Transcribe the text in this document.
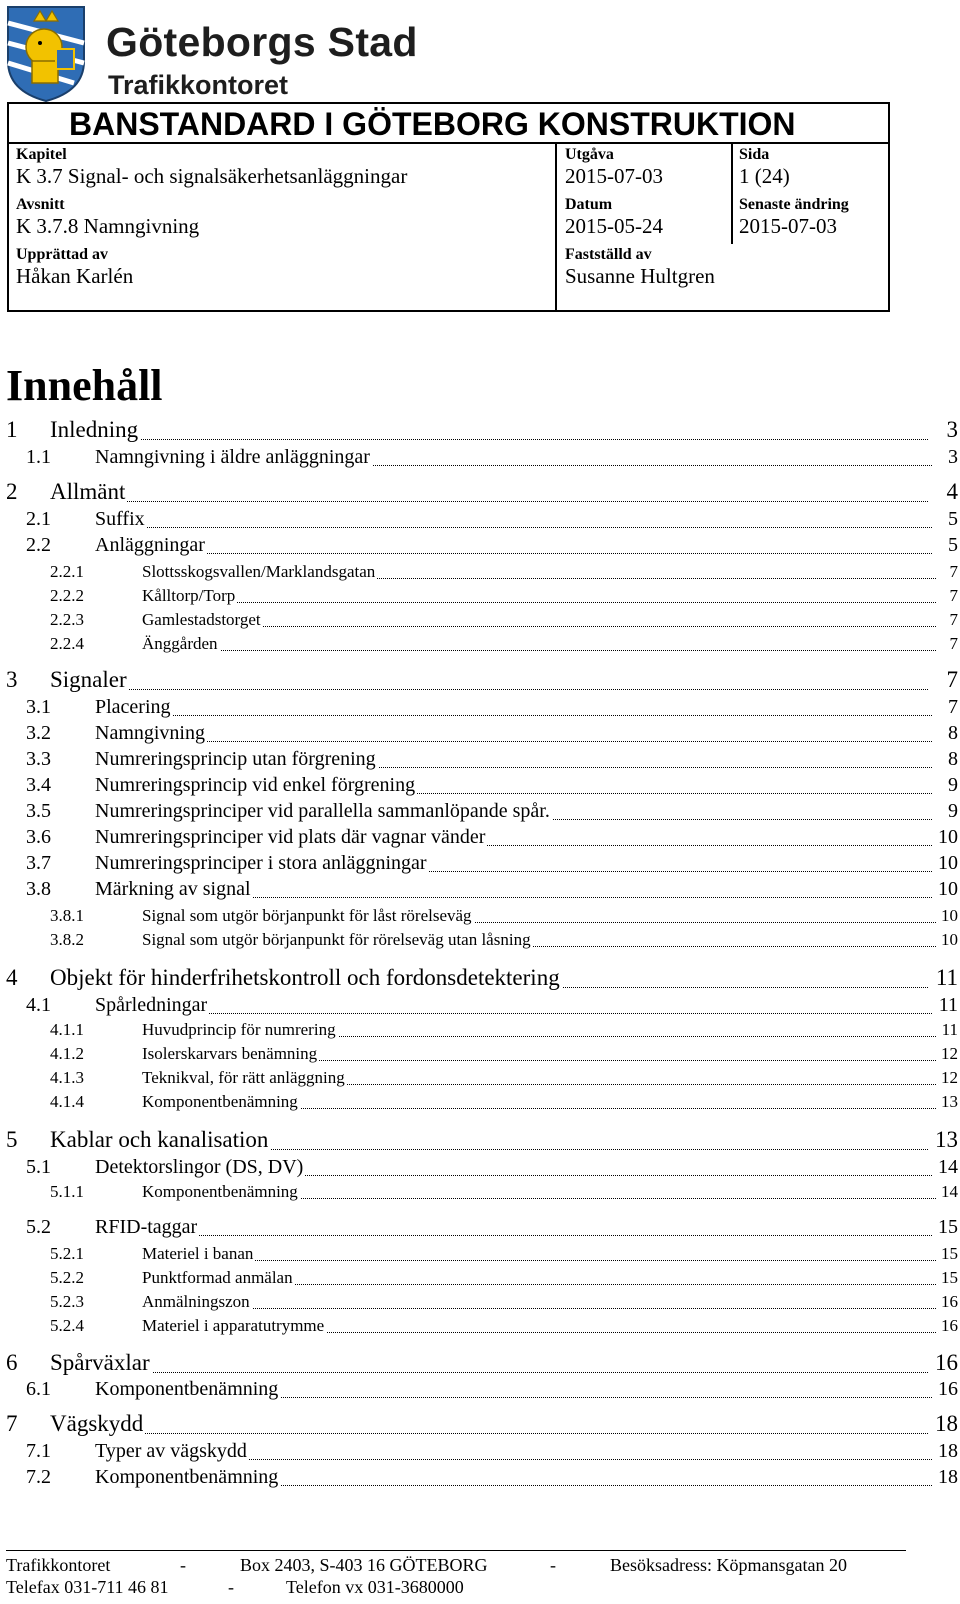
Göteborgs Stad
Trafikkontoret
BANSTANDARD I GÖTEBORG KONSTRUKTION
Kapitel
K 3.7 Signal- och signalsäkerhetsanläggningar
Utgåva
2015-07-03
Sida
1 (24)
Avsnitt
K 3.7.8 Namngivning
Datum
2015-05-24
Senaste ändring
2015-07-03
Upprättad av
Håkan Karlén
Fastställd av
Susanne Hultgren
Innehåll
1 Inledning	3
1.1 Namngivning i äldre anläggningar	3
2 Allmänt	4
2.1 Suffix	5
2.2 Anläggningar	5
2.2.1	Slottsskogsvallen/Marklandsgatan	7
2.2.2	Kålltorp/Torp	7
2.2.3	Gamlestadstorget	7
2.2.4	Änggården	7
3 Signaler	7
3.1 Placering	7
3.2 Namngivning	8
3.3 Numreringsprincip utan förgrening	8
3.4 Numreringsprincip vid enkel förgrening	9
3.5 Numreringsprinciper vid parallella sammanlöpande spår.	9
3.6 Numreringsprinciper vid plats där vagnar vänder	10
3.7 Numreringsprinciper i stora anläggningar	10
3.8 Märkning av signal	10
3.8.1	Signal som utgör börjanpunkt för låst rörelseväg	10
3.8.2	Signal som utgör börjanpunkt för rörelseväg utan låsning	10
4 Objekt för hinderfrihetskontroll och fordonsdetektering	11
4.1 Spårledningar	11
4.1.1	Huvudprincip för numrering	11
4.1.2	Isolerskarvars benämning	12
4.1.3	Teknikval, för rätt anläggning	12
4.1.4	Komponentbenämning	13
5 Kablar och kanalisation	13
5.1 Detektorslingor (DS, DV)	14
5.1.1	Komponentbenämning	14
5.2 RFID-taggar	15
5.2.1	Materiel i banan	15
5.2.2	Punktformad anmälan	15
5.2.3	Anmälningszon	16
5.2.4	Materiel i apparatutrymme	16
6 Spårväxlar	16
6.1 Komponentbenämning	16
7 Vägskydd	18
7.1 Typer av vägskydd	18
7.2 Komponentbenämning	18
Trafikkontoret	-	Box 2403, S-403 16 GÖTEBORG	-	Besöksadress: Köpmansgatan 20
Telefax 031-711 46 81	-	Telefon vx 031-3680000
